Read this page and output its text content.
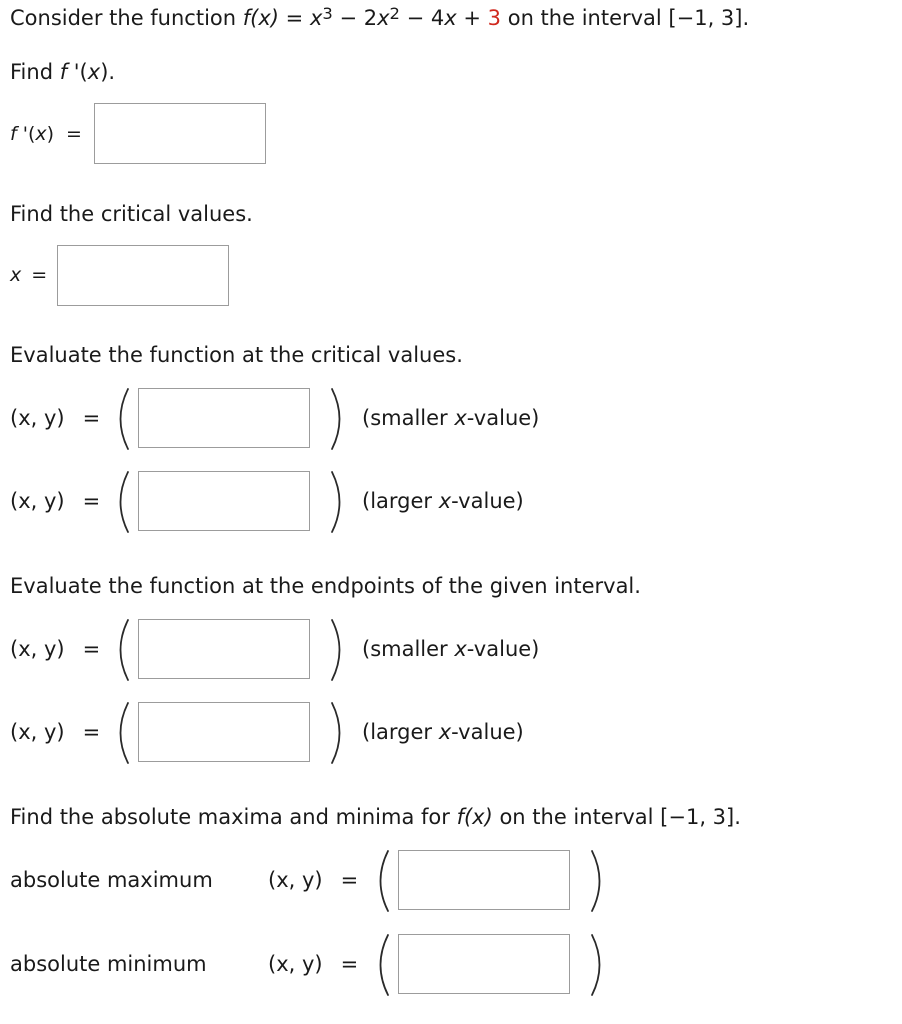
Consider the function $f(x) = x^3 - 2x^2 - 4x + 3$ on the interval [−1, 3].
Find f '(x).
f '(x) =
Find the critical values.
x =
Evaluate the function at the critical values.
(x, y) =	(smaller x-value)
(x, y) =	(larger x-value)
Evaluate the function at the endpoints of the given interval.
(x, y) =	(smaller x-value)
(x, y) =	(larger x-value)
Find the absolute maxima and minima for f(x) on the interval [−1, 3].
absolute maximum	(x, y) =
absolute minimum	(x, y) =
